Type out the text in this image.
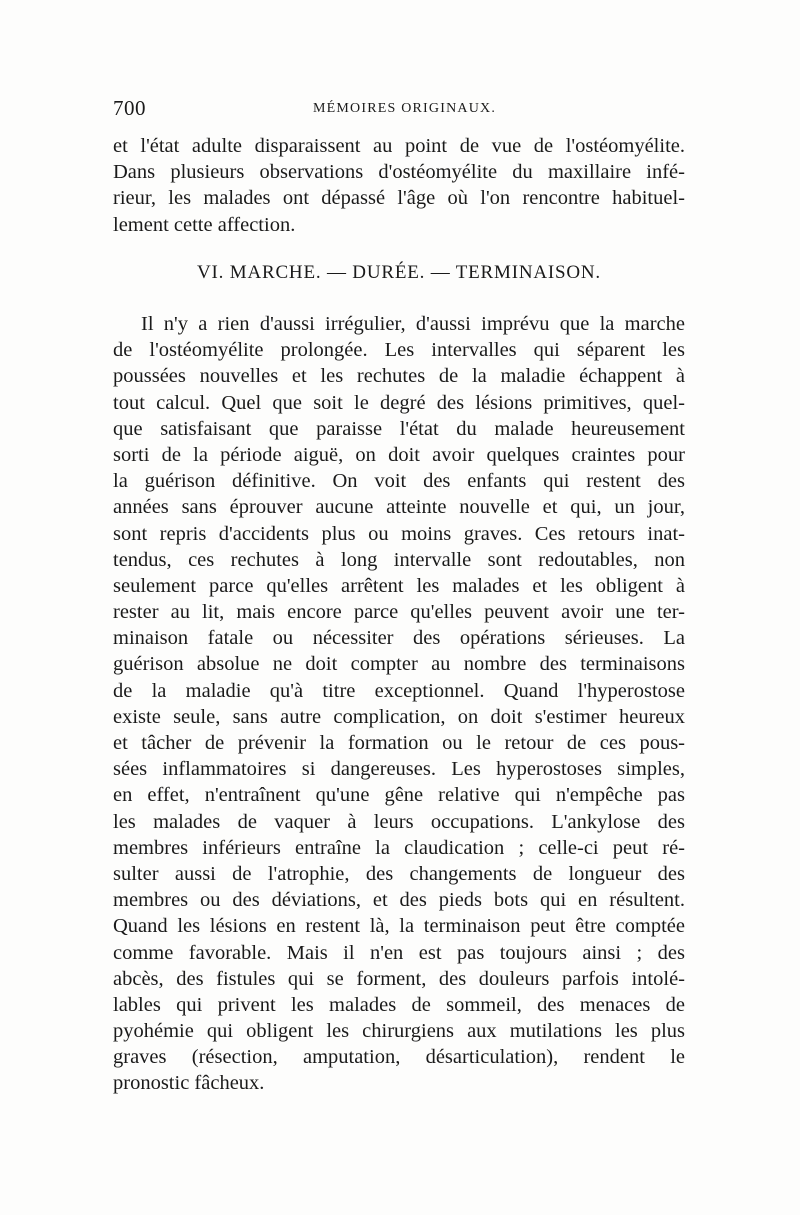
700	MÉMOIRES ORIGINAUX.
et l'état adulte disparaissent au point de vue de l'ostéomyélite.
Dans plusieurs observations d'ostéomyélite du maxillaire infé-
rieur, les malades ont dépassé l'âge où l'on rencontre habituel-
lement cette affection.
VI. MARCHE. — DURÉE. — TERMINAISON.
Il n'y a rien d'aussi irrégulier, d'aussi imprévu que la marche
de l'ostéomyélite prolongée. Les intervalles qui séparent les
poussées nouvelles et les rechutes de la maladie échappent à
tout calcul. Quel que soit le degré des lésions primitives, quel-
que satisfaisant que paraisse l'état du malade heureusement
sorti de la période aiguë, on doit avoir quelques craintes pour
la guérison définitive. On voit des enfants qui restent des
années sans éprouver aucune atteinte nouvelle et qui, un jour,
sont repris d'accidents plus ou moins graves. Ces retours inat-
tendus, ces rechutes à long intervalle sont redoutables, non
seulement parce qu'elles arrêtent les malades et les obligent à
rester au lit, mais encore parce qu'elles peuvent avoir une ter-
minaison fatale ou nécessiter des opérations sérieuses. La
guérison absolue ne doit compter au nombre des terminaisons
de la maladie qu'à titre exceptionnel. Quand l'hyperostose
existe seule, sans autre complication, on doit s'estimer heureux
et tâcher de prévenir la formation ou le retour de ces pous-
sées inflammatoires si dangereuses. Les hyperostoses simples,
en effet, n'entraînent qu'une gêne relative qui n'empêche pas
les malades de vaquer à leurs occupations. L'ankylose des
membres inférieurs entraîne la claudication ; celle-ci peut ré-
sulter aussi de l'atrophie, des changements de longueur des
membres ou des déviations, et des pieds bots qui en résultent.
Quand les lésions en restent là, la terminaison peut être comptée
comme favorable. Mais il n'en est pas toujours ainsi ; des
abcès, des fistules qui se forment, des douleurs parfois intolé-
lables qui privent les malades de sommeil, des menaces de
pyohémie qui obligent les chirurgiens aux mutilations les plus
graves (résection, amputation, désarticulation), rendent le
pronostic fâcheux.
